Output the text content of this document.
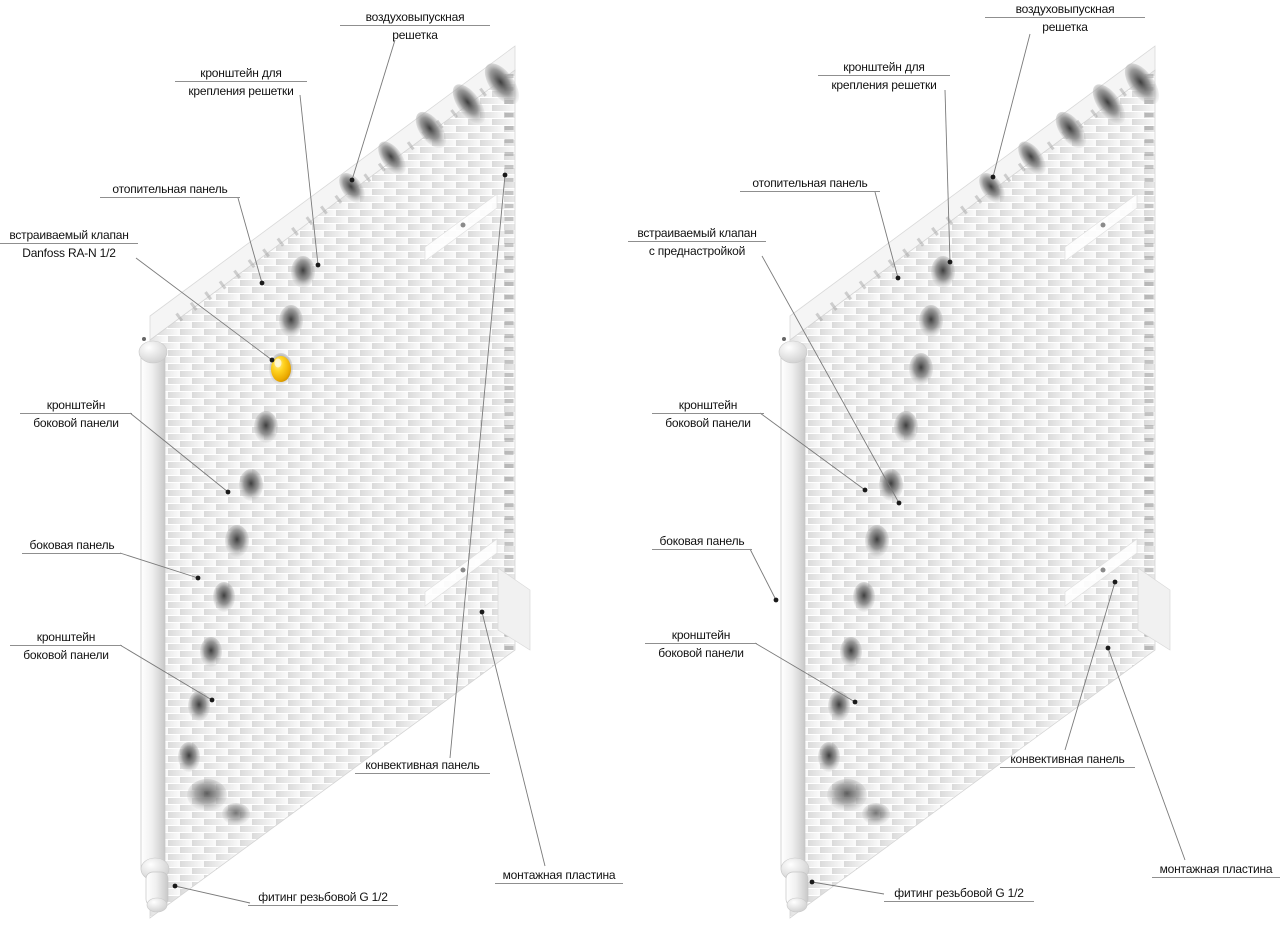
воздуховыпускная
решетка
кронштейн для
крепления решетки
отопительная панель
встраиваемый клапан
Danfoss RA-N 1/2
кронштейн
боковой панели
боковая панель
кронштейн
боковой панели
конвективная панель
монтажная пластина
фитинг резьбовой G 1/2
воздуховыпускная
решетка
кронштейн для
крепления решетки
отопительная панель
встраиваемый клапан
с преднастройкой
кронштейн
боковой панели
боковая панель
кронштейн
боковой панели
конвективная панель
монтажная пластина
фитинг резьбовой G 1/2
